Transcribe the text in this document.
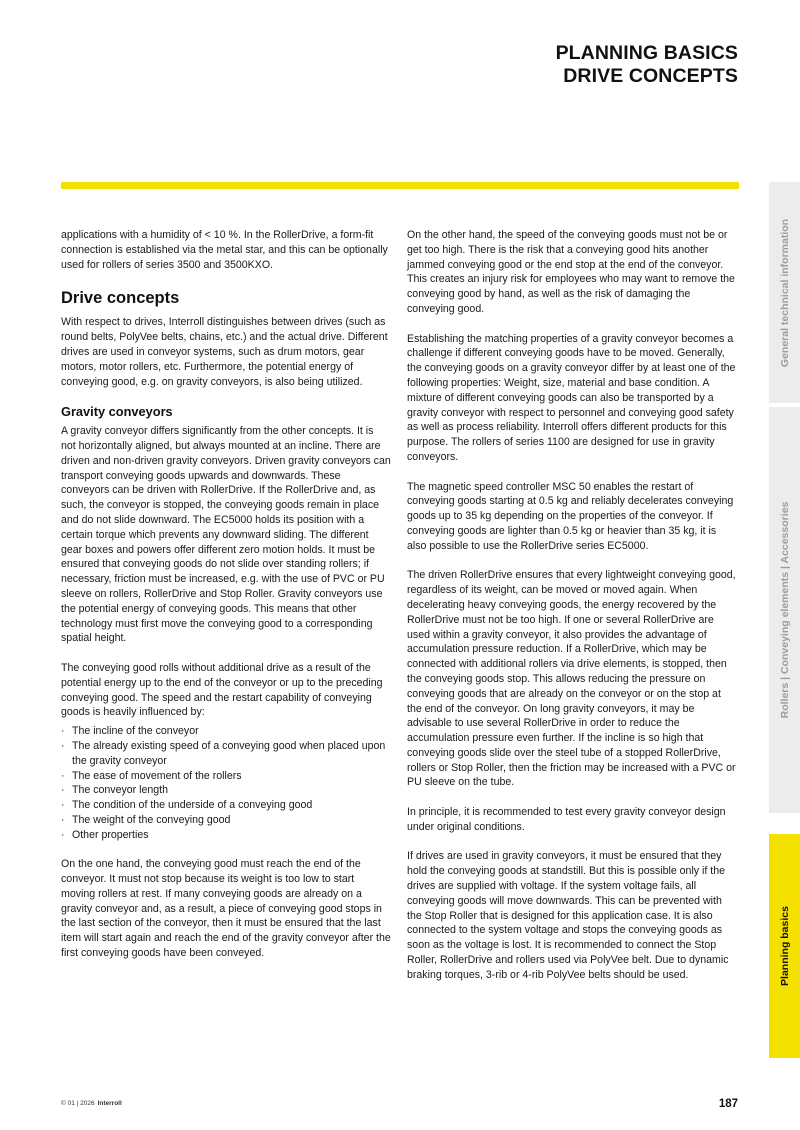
PLANNING BASICS
DRIVE CONCEPTS
General technical information
Rollers | Conveying elements | Accessories
Planning basics

applications with a humidity of < 10 %. In the RollerDrive, a form-fit connection is established via the metal star, and this can be optionally used for rollers of series 3500 and 3500KXO.

Drive concepts

With respect to drives, Interroll distinguishes between drives (such as round belts, PolyVee belts, chains, etc.) and the actual drive. Different drives are used in conveyor systems, such as drum motors, gear motors, motor rollers, etc. Furthermore, the potential energy of conveying good, e.g. on gravity conveyors, is also being utilized.

Gravity conveyors

A gravity conveyor differs significantly from the other concepts. It is not horizontally aligned, but always mounted at an incline. There are driven and non-driven gravity conveyors. Driven gravity conveyors can transport conveying goods upwards and downwards. These conveyors can be driven with RollerDrive. If the RollerDrive and, as such, the conveyor is stopped, the conveying goods remain in place and do not slide downward. The EC5000 holds its position with a certain torque which prevents any downward sliding. The different gear boxes and powers offer different zero motion holds. It must be ensured that conveying goods do not slide over standing rollers; if necessary, friction must be increased, e.g. with the use of PVC or PU sleeve on rollers, RollerDrive and Stop Roller. Gravity conveyors use the potential energy of conveying goods. This means that other technology must first move the conveying good to a corresponding spatial height.

The conveying good rolls without additional drive as a result of the potential energy up to the end of the conveyor or up to the preceding conveying good. The speed and the restart capability of conveying goods is heavily influenced by:

· The incline of the conveyor
· The already existing speed of a conveying good when placed upon the gravity conveyor
· The ease of movement of the rollers
· The conveyor length
· The condition of the underside of a conveying good
· The weight of the conveying good
· Other properties

On the one hand, the conveying good must reach the end of the conveyor. It must not stop because its weight is too low to start moving rollers at rest. If many conveying goods are already on a gravity conveyor and, as a result, a piece of conveying good stops in the last section of the conveyor, then it must be ensured that the last item will start again and reach the end of the gravity conveyor after the first conveying goods have been conveyed.

On the other hand, the speed of the conveying goods must not be or get too high. There is the risk that a conveying good hits another jammed conveying good or the end stop at the end of the conveyor. This creates an injury risk for employees who may want to remove the conveying good by hand, as well as the risk of damaging the conveying good.

Establishing the matching properties of a gravity conveyor becomes a challenge if different conveying goods have to be moved. Generally, the conveying goods on a gravity conveyor differ by at least one of the following properties: Weight, size, material and base condition. A mixture of different conveying goods can also be transported by a gravity conveyor with respect to personnel and conveying good safety as well as process reliability. Interroll offers different products for this purpose. The rollers of series 1100 are designed for use in gravity conveyors.

The magnetic speed controller MSC 50 enables the restart of conveying goods starting at 0.5 kg and reliably decelerates conveying goods up to 35 kg depending on the properties of the conveyor. If conveying goods are lighter than 0.5 kg or heavier than 35 kg, it is also possible to use the RollerDrive series EC5000.

The driven RollerDrive ensures that every lightweight conveying good, regardless of its weight, can be moved or moved again. When decelerating heavy conveying goods, the energy recovered by the RollerDrive must not be too high. If one or several RollerDrive are used within a gravity conveyor, it also provides the advantage of accumulation pressure reduction. If a RollerDrive, which may be connected with additional rollers via drive elements, is stopped, then the conveying goods stop. This allows reducing the pressure on conveying goods that are already on the conveyor or on the stop at the end of the conveyor. On long gravity conveyors, it may be advisable to use several RollerDrive in order to reduce the accumulation pressure even further. If the incline is so high that conveying goods slide over the steel tube of a stopped RollerDrive, rollers or Stop Roller, then the friction may be increased with a PVC or PU sleeve on the tube.

In principle, it is recommended to test every gravity conveyor design under original conditions.

If drives are used in gravity conveyors, it must be ensured that they hold the conveying goods at standstill. But this is possible only if the drives are supplied with voltage. If the system voltage fails, all conveying goods will move downwards. This can be prevented with the Stop Roller that is designed for this application case. It is also connected to the system voltage and stops the conveying goods as soon as the voltage is lost. It is recommended to connect the Stop Roller, RollerDrive and rollers used via PolyVee belt. Due to dynamic braking torques, 3-rib or 4-rib PolyVee belts should be used.

© 01 | 2026 Interroll	187
